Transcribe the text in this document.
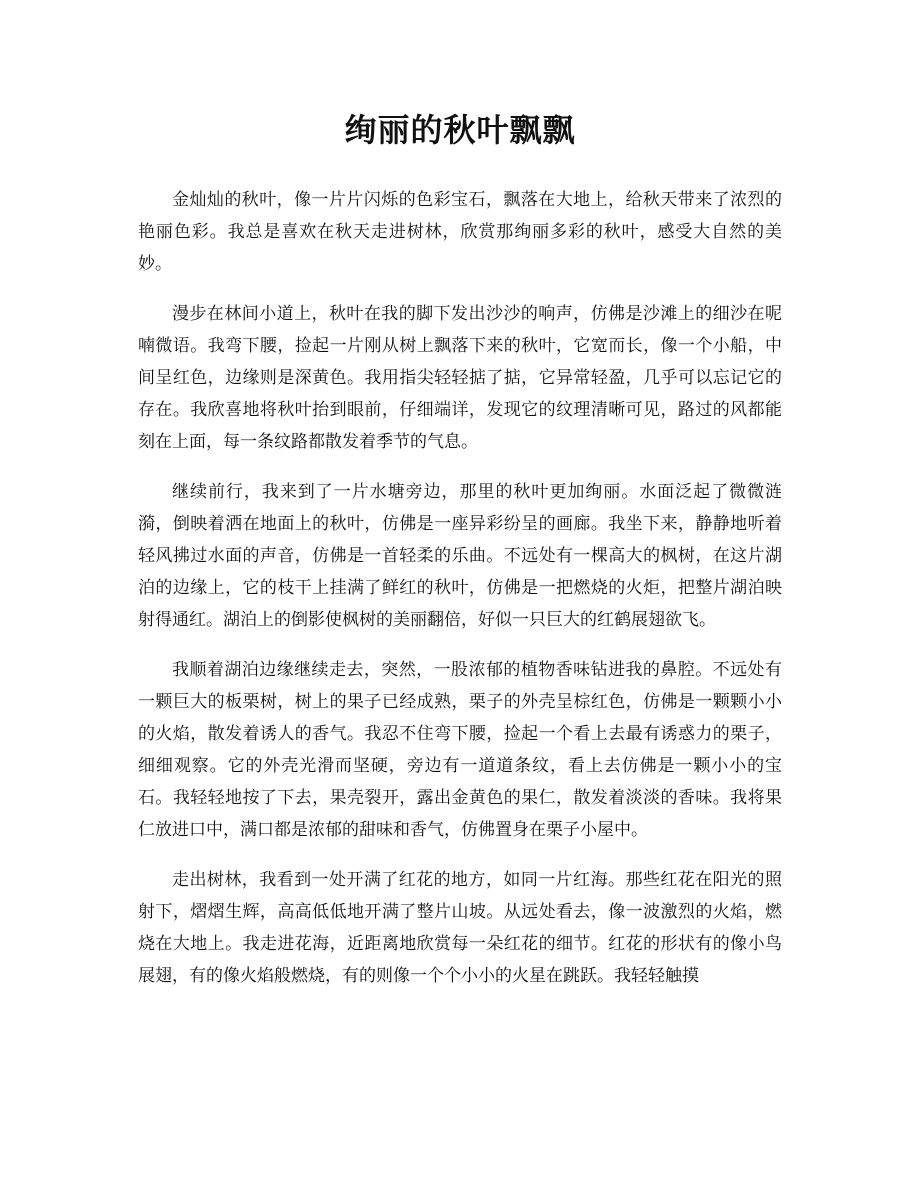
绚丽的秋叶飘飘

金灿灿的秋叶，像一片片闪烁的色彩宝石，飘落在大地上，给秋天带来了浓烈的艳丽色彩。我总是喜欢在秋天走进树林，欣赏那绚丽多彩的秋叶，感受大自然的美妙。

漫步在林间小道上，秋叶在我的脚下发出沙沙的响声，仿佛是沙滩上的细沙在呢喃微语。我弯下腰，捡起一片刚从树上飘落下来的秋叶，它宽而长，像一个小船，中间呈红色，边缘则是深黄色。我用指尖轻轻掂了掂，它异常轻盈，几乎可以忘记它的存在。我欣喜地将秋叶抬到眼前，仔细端详，发现它的纹理清晰可见，路过的风都能刻在上面，每一条纹路都散发着季节的气息。

继续前行，我来到了一片水塘旁边，那里的秋叶更加绚丽。水面泛起了微微涟漪，倒映着洒在地面上的秋叶，仿佛是一座异彩纷呈的画廊。我坐下来，静静地听着轻风拂过水面的声音，仿佛是一首轻柔的乐曲。不远处有一棵高大的枫树，在这片湖泊的边缘上，它的枝干上挂满了鲜红的秋叶，仿佛是一把燃烧的火炬，把整片湖泊映射得通红。湖泊上的倒影使枫树的美丽翻倍，好似一只巨大的红鹤展翅欲飞。

我顺着湖泊边缘继续走去，突然，一股浓郁的植物香味钻进我的鼻腔。不远处有一颗巨大的板栗树，树上的果子已经成熟，栗子的外壳呈棕红色，仿佛是一颗颗小小的火焰，散发着诱人的香气。我忍不住弯下腰，捡起一个看上去最有诱惑力的栗子，细细观察。它的外壳光滑而坚硬，旁边有一道道条纹，看上去仿佛是一颗小小的宝石。我轻轻地按了下去，果壳裂开，露出金黄色的果仁，散发着淡淡的香味。我将果仁放进口中，满口都是浓郁的甜味和香气，仿佛置身在栗子小屋中。

走出树林，我看到一处开满了红花的地方，如同一片红海。那些红花在阳光的照射下，熠熠生辉，高高低低地开满了整片山坡。从远处看去，像一波激烈的火焰，燃烧在大地上。我走进花海，近距离地欣赏每一朵红花的细节。红花的形状有的像小鸟展翅，有的像火焰般燃烧，有的则像一个个小小的火星在跳跃。我轻轻触摸
